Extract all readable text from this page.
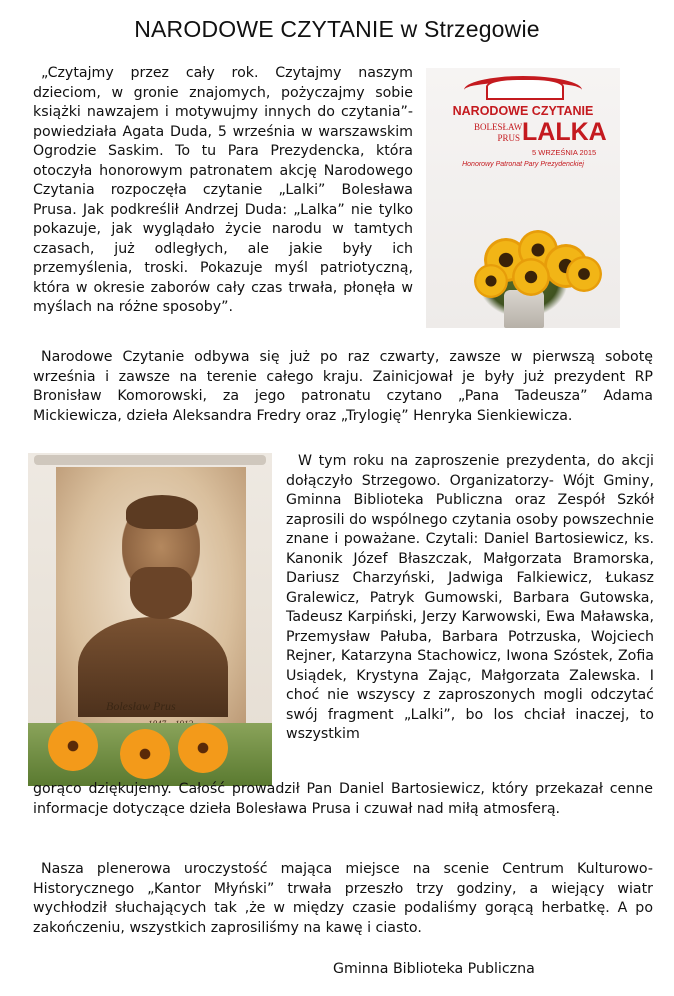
NARODOWE CZYTANIE w Strzegowie
NARODOWE CZYTANIE
BOLESŁAW
PRUS LALKA
5 WRZEŚNIA 2015
Honorowy Patronat Pary Prezydenckiej

„Czytajmy przez cały rok. Czytajmy naszym dzieciom, w gronie znajomych, pożyczajmy sobie książki nawzajem i motywujmy innych do czytania”- powiedziała Agata Duda, 5 września w warszawskim Ogrodzie Saskim. To tu Para Prezydencka, która otoczyła honorowym patronatem akcję Narodowego Czytania rozpoczęła czytanie „Lalki” Bolesława Prusa. Jak podkreślił Andrzej Duda: „Lalka” nie tylko pokazuje, jak wyglądało życie narodu w tamtych czasach, już odległych, ale jakie były ich przemyślenia, troski. Pokazuje myśl patriotyczną, która w okresie zaborów cały czas trwała, płonęła w myślach na różne sposoby”.

Narodowe Czytanie odbywa się już po raz czwarty, zawsze w pierwszą sobotę września i zawsze na terenie całego kraju. Zainicjował je były już prezydent RP Bronisław Komorowski, za jego patronatu czytano „Pana Tadeusza” Adama Mickiewicza, dzieła Aleksandra Fredry oraz „Trylogię” Henryka Sienkiewicza.

Bolesław Prus

W tym roku na zaproszenie prezydenta, do akcji dołączyło Strzegowo. Organizatorzy- Wójt Gminy, Gminna Biblioteka Publiczna oraz Zespół Szkół zaprosili do wspólnego czytania osoby powszechnie znane i poważane. Czytali: Daniel Bartosiewicz, ks. Kanonik Józef Błaszczak, Małgorzata Bramorska, Dariusz Charzyński, Jadwiga Falkiewicz, Łukasz Gralewicz, Patryk Gumowski, Barbara Gutowska, Tadeusz Karpiński, Jerzy Karwowski, Ewa Maławska, Przemysław Pałuba, Barbara Potrzuska, Wojciech Rejner, Katarzyna Stachowicz, Iwona Szóstek, Zofia Usiądek, Krystyna Zając, Małgorzata Zalewska. I choć nie wszyscy z zaproszonych mogli odczytać swój fragment „Lalki”, bo los chciał inaczej, to wszystkim

gorąco dziękujemy. Całość prowadził Pan Daniel Bartosiewicz, który przekazał cenne informacje dotyczące dzieła Bolesława Prusa i czuwał nad miłą atmosferą.

Nasza plenerowa uroczystość mająca miejsce na scenie Centrum Kulturowo- Historycznego „Kantor Młyński” trwała przeszło trzy godziny, a wiejący wiatr wychłodził słuchających tak ,że w między czasie podaliśmy gorącą herbatkę. A po zakończeniu, wszystkich zaprosiliśmy na kawę i ciasto.

Gminna Biblioteka Publiczna
